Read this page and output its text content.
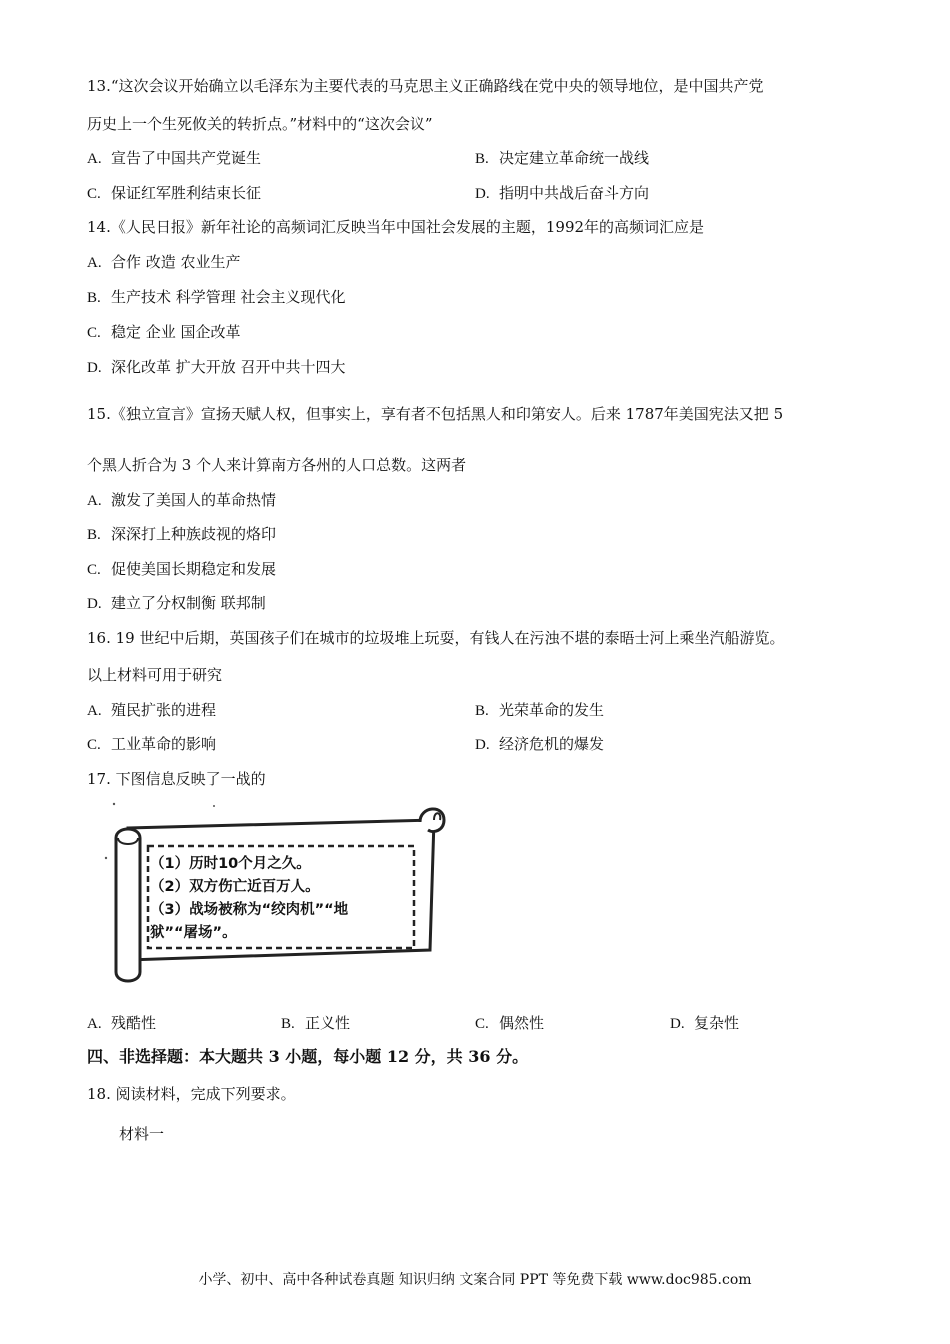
13.“这次会议开始确立以毛泽东为主要代表的马克思主义正确路线在党中央的领导地位，是中国共产党
历史上一个生死攸关的转折点。”材料中的“这次会议”
A. 宣告了中国共产党诞生	B. 决定建立革命统一战线
C. 保证红军胜利结束长征	D. 指明中共战后奋斗方向
14.《人民日报》新年社论的高频词汇反映当年中国社会发展的主题，1992年的高频词汇应是
A. 合作 改造 农业生产
B. 生产技术 科学管理 社会主义现代化
C. 稳定 企业 国企改革
D. 深化改革 扩大开放 召开中共十四大
15.《独立宣言》宣扬天赋人权，但事实上，享有者不包括黑人和印第安人。后来 1787年美国宪法又把 5
个黑人折合为 3 个人来计算南方各州的人口总数。这两者
A. 激发了美国人的革命热情
B. 深深打上种族歧视的烙印
C. 促使美国长期稳定和发展
D. 建立了分权制衡 联邦制
16. 19 世纪中后期，英国孩子们在城市的垃圾堆上玩耍，有钱人在污浊不堪的泰晤士河上乘坐汽船游览。
以上材料可用于研究
A. 殖民扩张的进程	B. 光荣革命的发生
C. 工业革命的影响	D. 经济危机的爆发
17. 下图信息反映了一战的
（1）历时10个月之久。
（2）双方伤亡近百万人。
（3）战场被称为“绞肉机”“地
狱”“屠场”。
A. 残酷性	B. 正义性	C. 偶然性	D. 复杂性
四、非选择题：本大题共 3 小题，每小题 12 分，共 36 分。
18. 阅读材料，完成下列要求。
材料一
小学、初中、高中各种试卷真题 知识归纳 文案合同 PPT 等免费下载 www.doc985.com
